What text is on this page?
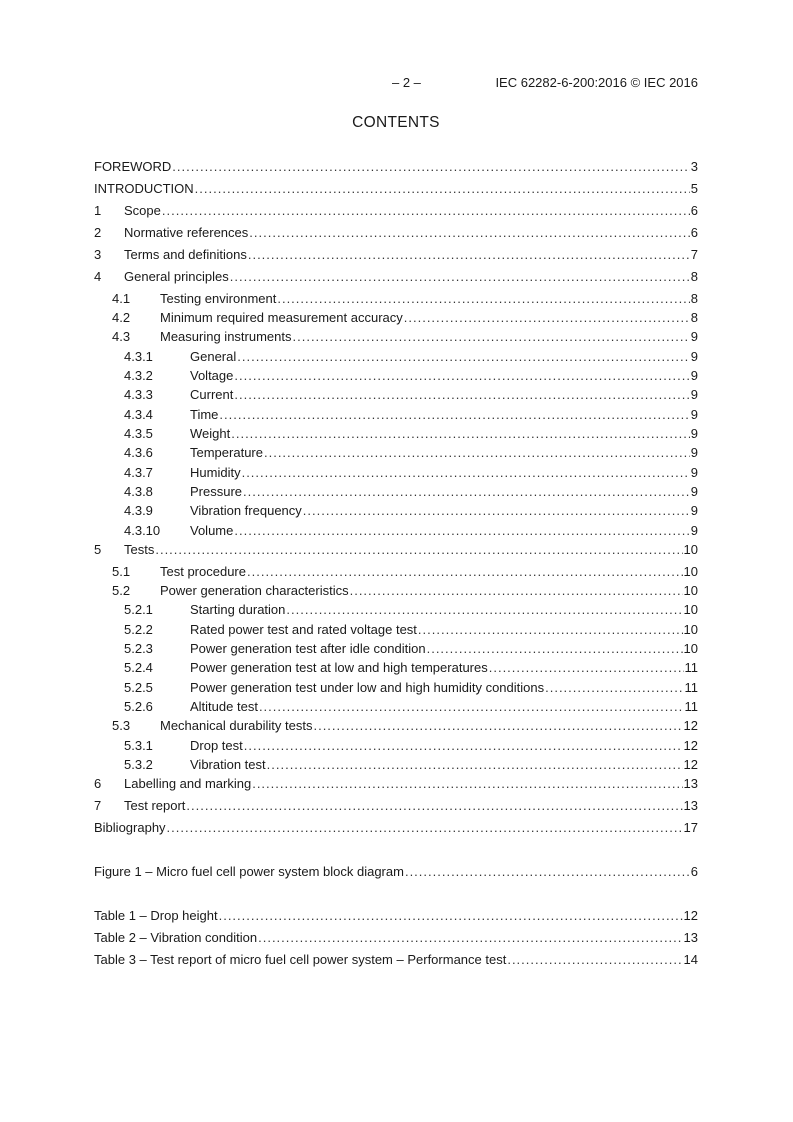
– 2 –	IEC 62282-6-200:2016 © IEC 2016
CONTENTS
FOREWORD .....	3
INTRODUCTION .....	5
1	Scope .....	6
2	Normative references .....	6
3	Terms and definitions .....	7
4	General principles .....	8
4.1	Testing environment .....	8
4.2	Minimum required measurement accuracy .....	8
4.3	Measuring instruments .....	9
4.3.1	General .....	9
4.3.2	Voltage .....	9
4.3.3	Current .....	9
4.3.4	Time .....	9
4.3.5	Weight .....	9
4.3.6	Temperature .....	9
4.3.7	Humidity .....	9
4.3.8	Pressure .....	9
4.3.9	Vibration frequency .....	9
4.3.10	Volume .....	9
5	Tests .....	10
5.1	Test procedure .....	10
5.2	Power generation characteristics .....	10
5.2.1	Starting duration .....	10
5.2.2	Rated power test and rated voltage test .....	10
5.2.3	Power generation test after idle condition .....	10
5.2.4	Power generation test at low and high temperatures .....	11
5.2.5	Power generation test under low and high humidity conditions .....	11
5.2.6	Altitude test .....	11
5.3	Mechanical durability tests .....	12
5.3.1	Drop test .....	12
5.3.2	Vibration test .....	12
6	Labelling and marking .....	13
7	Test report .....	13
Bibliography .....	17
Figure 1 – Micro fuel cell power system block diagram .....	6
Table 1 – Drop height .....	12
Table 2 – Vibration condition .....	13
Table 3 – Test report of micro fuel cell power system – Performance test .....	14
